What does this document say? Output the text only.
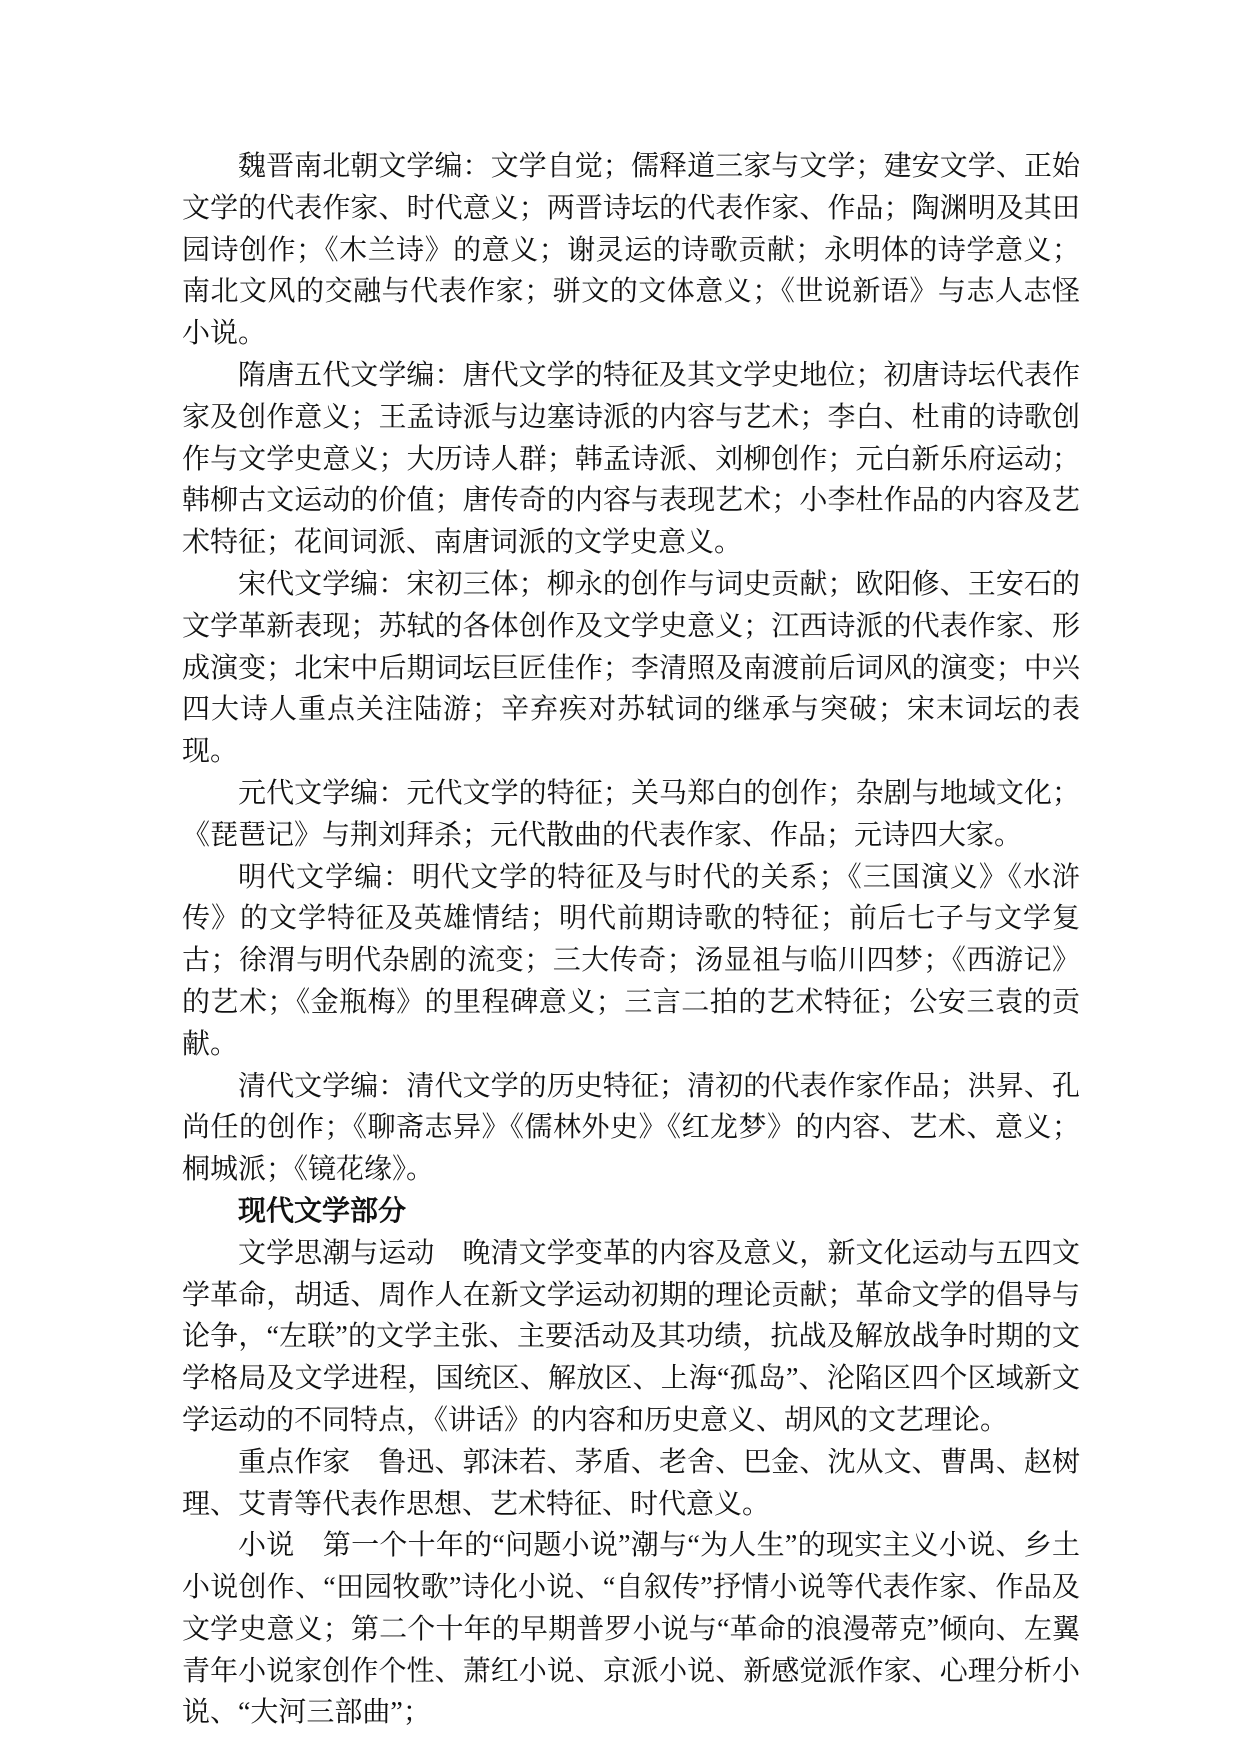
魏晋南北朝文学编：文学自觉；儒释道三家与文学；建安文学、正始文学的代表作家、时代意义；两晋诗坛的代表作家、作品；陶渊明及其田园诗创作；《木兰诗》的意义；谢灵运的诗歌贡献；永明体的诗学意义；南北文风的交融与代表作家；骈文的文体意义；《世说新语》与志人志怪小说。

隋唐五代文学编：唐代文学的特征及其文学史地位；初唐诗坛代表作家及创作意义；王孟诗派与边塞诗派的内容与艺术；李白、杜甫的诗歌创作与文学史意义；大历诗人群；韩孟诗派、刘柳创作；元白新乐府运动；韩柳古文运动的价值；唐传奇的内容与表现艺术；小李杜作品的内容及艺术特征；花间词派、南唐词派的文学史意义。

宋代文学编：宋初三体；柳永的创作与词史贡献；欧阳修、王安石的文学革新表现；苏轼的各体创作及文学史意义；江西诗派的代表作家、形成演变；北宋中后期词坛巨匠佳作；李清照及南渡前后词风的演变；中兴四大诗人重点关注陆游；辛弃疾对苏轼词的继承与突破；宋末词坛的表现。

元代文学编：元代文学的特征；关马郑白的创作；杂剧与地域文化；《琵琶记》与荆刘拜杀；元代散曲的代表作家、作品；元诗四大家。

明代文学编：明代文学的特征及与时代的关系；《三国演义》《水浒传》的文学特征及英雄情结；明代前期诗歌的特征；前后七子与文学复古；徐渭与明代杂剧的流变；三大传奇；汤显祖与临川四梦；《西游记》的艺术；《金瓶梅》的里程碑意义；三言二拍的艺术特征；公安三袁的贡献。

清代文学编：清代文学的历史特征；清初的代表作家作品；洪昇、孔尚任的创作；《聊斋志异》《儒林外史》《红龙梦》的内容、艺术、意义；桐城派；《镜花缘》。

现代文学部分

文学思潮与运动　晚清文学变革的内容及意义，新文化运动与五四文学革命，胡适、周作人在新文学运动初期的理论贡献；革命文学的倡导与论争，“左联”的文学主张、主要活动及其功绩，抗战及解放战争时期的文学格局及文学进程，国统区、解放区、上海“孤岛”、沦陷区四个区域新文学运动的不同特点，《讲话》的内容和历史意义、胡风的文艺理论。

重点作家　鲁迅、郭沫若、茅盾、老舍、巴金、沈从文、曹禺、赵树理、艾青等代表作思想、艺术特征、时代意义。

小说　第一个十年的“问题小说”潮与“为人生”的现实主义小说、乡土小说创作、“田园牧歌”诗化小说、“自叙传”抒情小说等代表作家、作品及文学史意义；第二个十年的早期普罗小说与“革命的浪漫蒂克”倾向、左翼青年小说家创作个性、萧红小说、京派小说、新感觉派作家、心理分析小说、“大河三部曲”；
